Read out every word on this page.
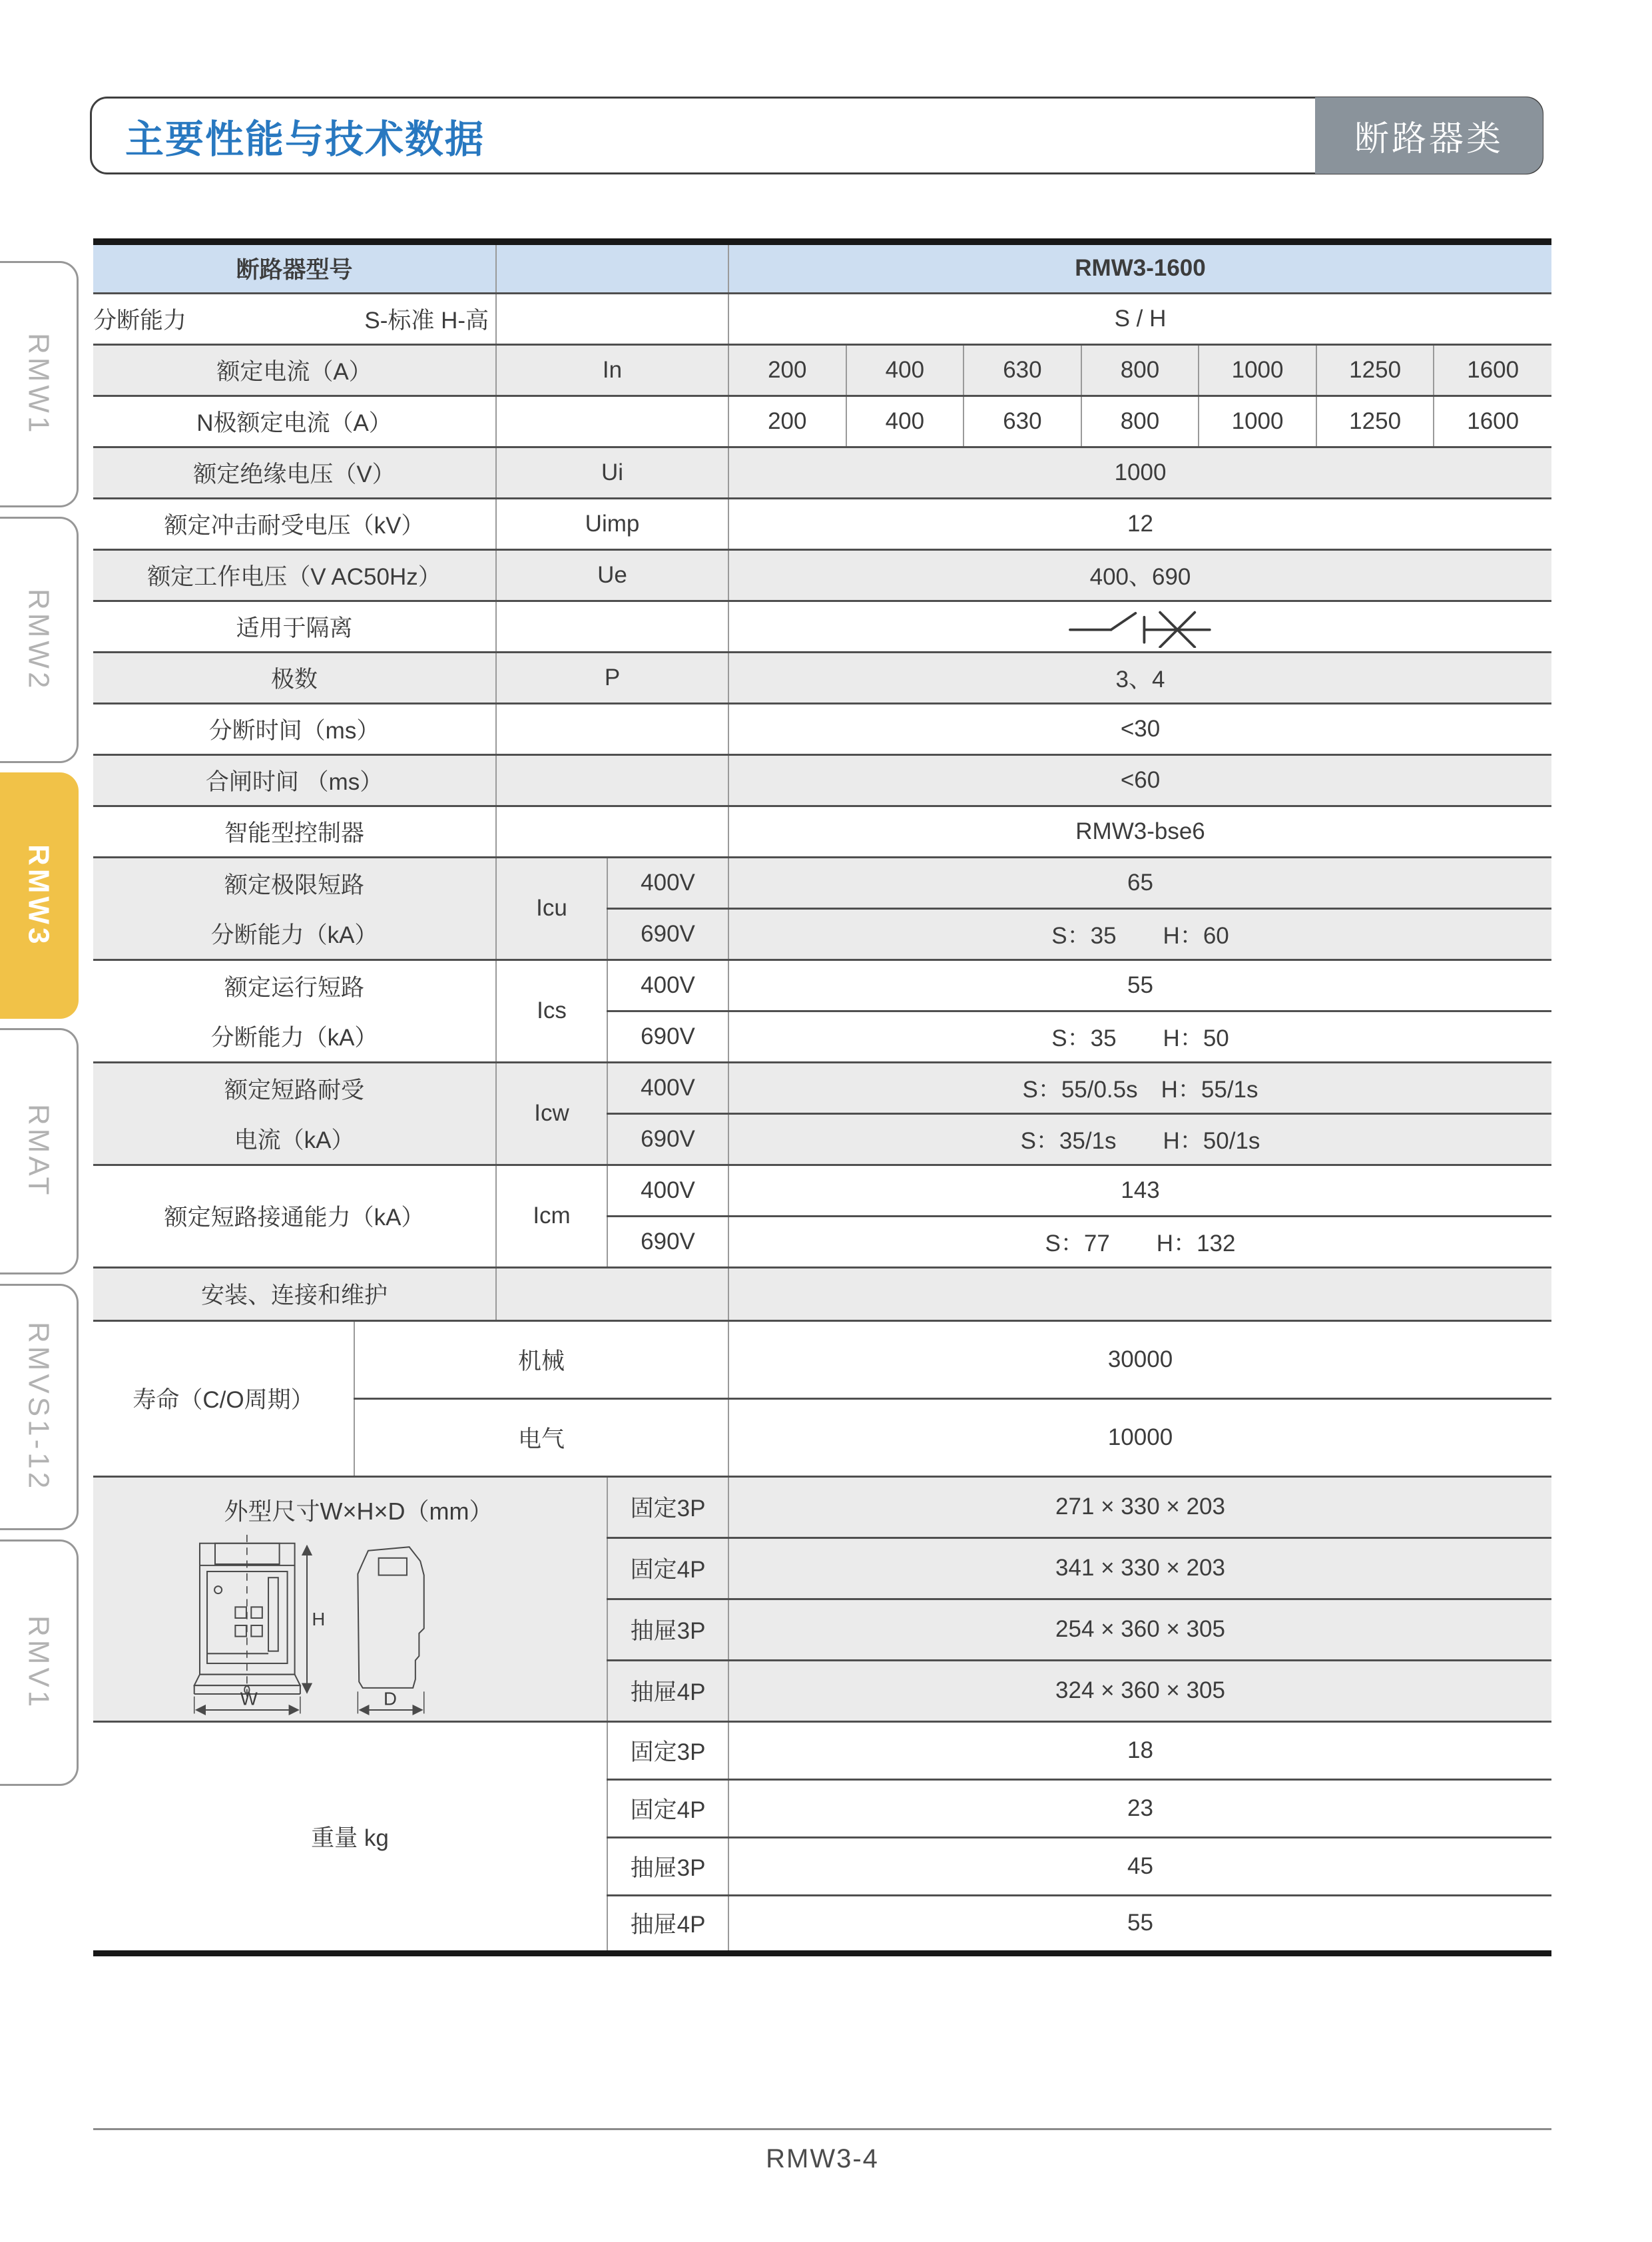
RMW1
RMW2
RMW3
RMAT
RMVS1-12
RMV1
主要性能与技术数据	断路器类
断路器型号				RMW3-1600						

分断能力 S-标准 H-高				S / H						
额定电流（A）		In		200	400	630	800	1000	1250	1600
N极额定电流（A）				200	400	630	800	1000	1250	1600
额定绝缘电压（V）		Ui		1000						
额定冲击耐受电压（kV）		Uimp		12						
额定工作电压（V AC50Hz）		Ue		400、690						
适用于隔离		
极数		P		3、4						
分断时间（ms）				<30						
合闸时间 （ms）				<60						
智能型控制器				RMW3-bse6						

额定极限短路
分断能力（kA）		Icu	400V	65						
			690V	S：35　　H：60						

额定运行短路
分断能力（kA）		Ics	400V	55						
			690V	S：35　　H：50						

额定短路耐受
电流（kA）		Icw	400V	S：55/0.5s　H：55/1s						
			690V	S：35/1s　　H：50/1s						
额定短路接通能力（kA）		Icm	400V	143						
			690V	S：77　　H：132						
安装、连接和维护										
寿命（C/O周期）	机械			30000						
	电气			10000						

外型尺寸W×H×D（mm）
H
W D			固定3P	271 × 330 × 203						
			固定4P	341 × 330 × 203						
			抽屉3P	254 × 360 × 305						
			抽屉4P	324 × 360 × 305						
重量 kg			固定3P	18						
			固定4P	23						
			抽屉3P	45						
			抽屉4P	55						
RMW3-4
